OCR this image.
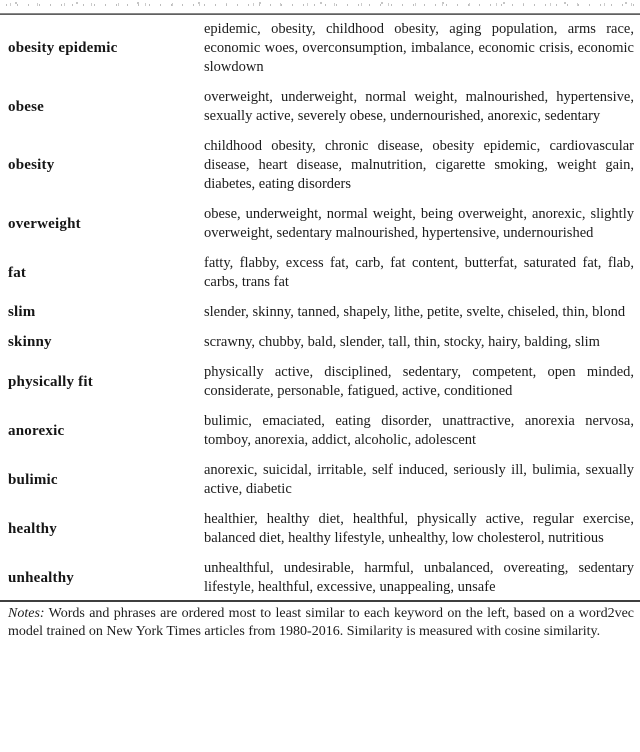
obesity epidemic	epidemic, obesity, childhood obesity, aging population, arms race, economic woes, overconsumption, imbalance, economic crisis, economic slowdown
obese	overweight, underweight, normal weight, malnourished, hypertensive, sexually active, severely obese, undernourished, anorexic, sedentary
obesity	childhood obesity, chronic disease, obesity epidemic, cardiovascular disease, heart disease, malnutrition, cigarette smoking, weight gain, diabetes, eating disorders
overweight	obese, underweight, normal weight, being overweight, anorexic, slightly overweight, sedentary malnourished, hypertensive, undernourished
fat	fatty, flabby, excess fat, carb, fat content, butterfat, saturated fat, flab, carbs, trans fat
slim	slender, skinny, tanned, shapely, lithe, petite, svelte, chiseled, thin, blond
skinny	scrawny, chubby, bald, slender, tall, thin, stocky, hairy, balding, slim
physically fit	physically active, disciplined, sedentary, competent, open minded, considerate, personable, fatigued, active, conditioned
anorexic	bulimic, emaciated, eating disorder, unattractive, anorexia nervosa, tomboy, anorexia, addict, alcoholic, adolescent
bulimic	anorexic, suicidal, irritable, self induced, seriously ill, bulimia, sexually active, diabetic
healthy	healthier, healthy diet, healthful, physically active, regular exercise, balanced diet, healthy lifestyle, unhealthy, low cholesterol, nutritious
unhealthy	unhealthful, undesirable, harmful, unbalanced, overeating, sedentary lifestyle, healthful, excessive, unappealing, unsafe

Notes: Words and phrases are ordered most to least similar to each keyword on the left, based on a word2vec model trained on New York Times articles from 1980-2016. Similarity is measured with cosine similarity.
